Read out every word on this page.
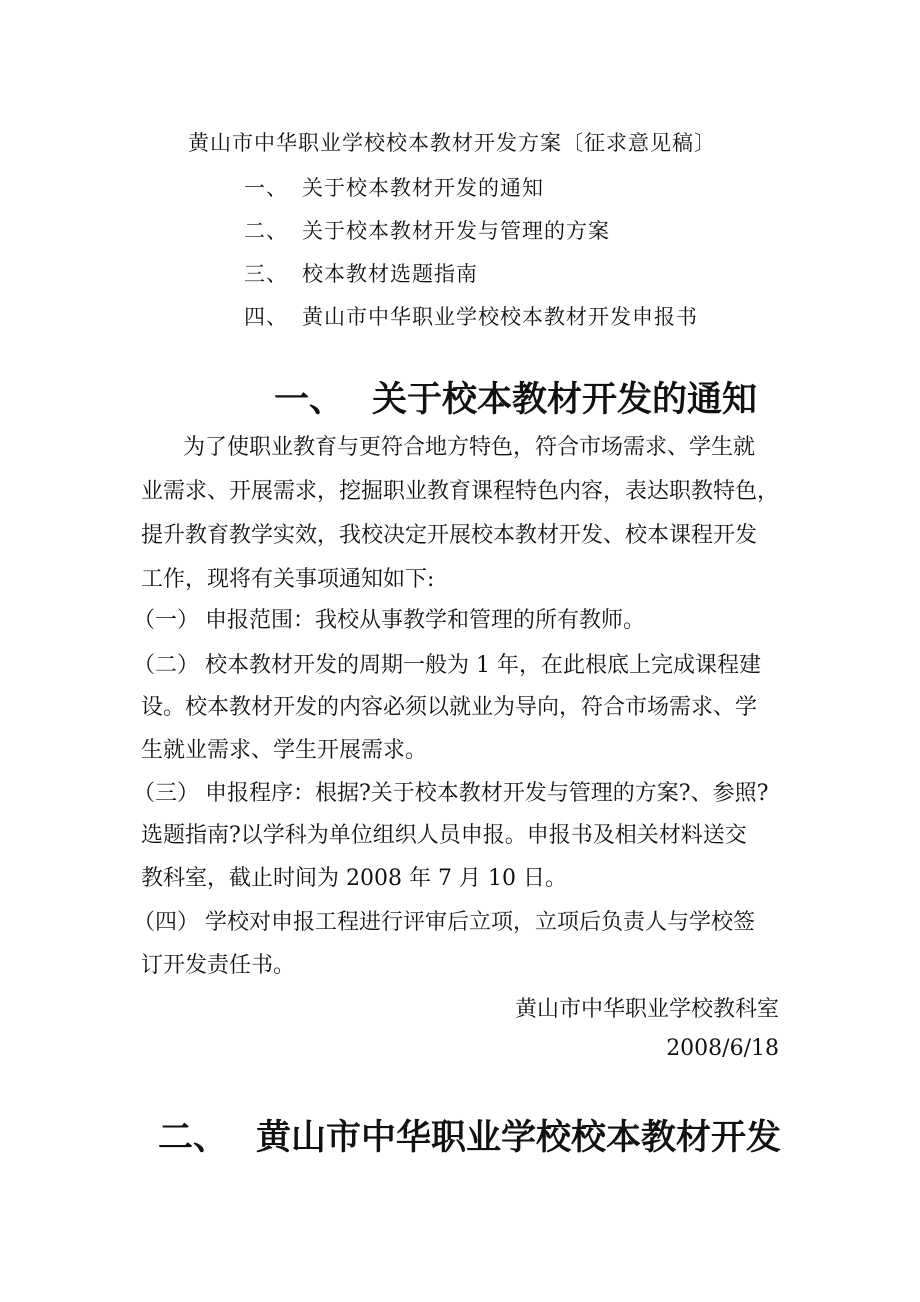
黄山市中华职业学校校本教材开发方案〔征求意见稿〕
一、 关于校本教材开发的通知
二、 关于校本教材开发与管理的方案
三、 校本教材选题指南
四、 黄山市中华职业学校校本教材开发申报书
一、 关于校本教材开发的通知
为了使职业教育与更符合地方特色，符合市场需求、学生就
业需求、开展需求，挖掘职业教育课程特色内容，表达职教特色，
提升教育教学实效，我校决定开展校本教材开发、校本课程开发
工作，现将有关事项通知如下:
（一） 申报范围：我校从事教学和管理的所有教师。
（二） 校本教材开发的周期一般为 1 年，在此根底上完成课程建
设。校本教材开发的内容必须以就业为导向，符合市场需求、学
生就业需求、学生开展需求。
（三） 申报程序：根据?关于校本教材开发与管理的方案?、参照?
选题指南?以学科为单位组织人员申报。申报书及相关材料送交
教科室，截止时间为 2008 年 7 月 10 日。
（四） 学校对申报工程进行评审后立项，立项后负责人与学校签
订开发责任书。
黄山市中华职业学校教科室
2008/6/18
二、 黄山市中华职业学校校本教材开发
